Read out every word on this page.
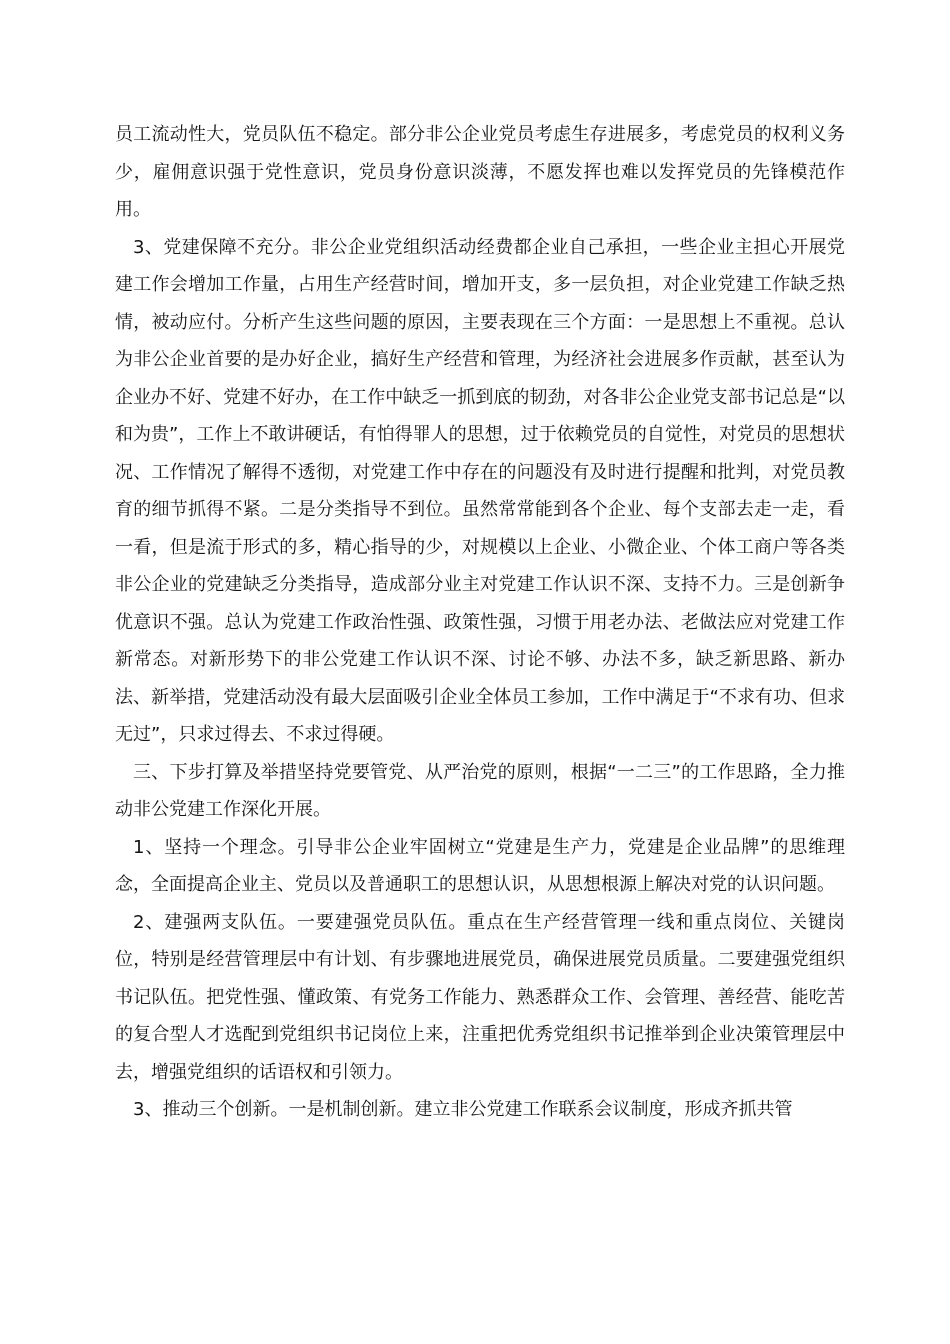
员工流动性大，党员队伍不稳定。部分非公企业党员考虑生存进展多，考虑党员的权利义务少，雇佣意识强于党性意识，党员身份意识淡薄，不愿发挥也难以发挥党员的先锋模范作用。

3、党建保障不充分。非公企业党组织活动经费都企业自己承担，一些企业主担心开展党建工作会增加工作量，占用生产经营时间，增加开支，多一层负担，对企业党建工作缺乏热情，被动应付。分析产生这些问题的原因，主要表现在三个方面：一是思想上不重视。总认为非公企业首要的是办好企业，搞好生产经营和管理，为经济社会进展多作贡献，甚至认为企业办不好、党建不好办，在工作中缺乏一抓到底的韧劲，对各非公企业党支部书记总是“以和为贵”，工作上不敢讲硬话，有怕得罪人的思想，过于依赖党员的自觉性，对党员的思想状况、工作情况了解得不透彻，对党建工作中存在的问题没有及时进行提醒和批判，对党员教育的细节抓得不紧。二是分类指导不到位。虽然常常能到各个企业、每个支部去走一走，看一看，但是流于形式的多，精心指导的少，对规模以上企业、小微企业、个体工商户等各类非公企业的党建缺乏分类指导，造成部分业主对党建工作认识不深、支持不力。三是创新争优意识不强。总认为党建工作政治性强、政策性强，习惯于用老办法、老做法应对党建工作新常态。对新形势下的非公党建工作认识不深、讨论不够、办法不多，缺乏新思路、新办法、新举措，党建活动没有最大层面吸引企业全体员工参加，工作中满足于“不求有功、但求无过”，只求过得去、不求过得硬。

三、下步打算及举措坚持党要管党、从严治党的原则，根据“一二三”的工作思路，全力推动非公党建工作深化开展。

1、坚持一个理念。引导非公企业牢固树立“党建是生产力，党建是企业品牌”的思维理念，全面提高企业主、党员以及普通职工的思想认识，从思想根源上解决对党的认识问题。

2、建强两支队伍。一要建强党员队伍。重点在生产经营管理一线和重点岗位、关键岗位，特别是经营管理层中有计划、有步骤地进展党员，确保进展党员质量。二要建强党组织书记队伍。把党性强、懂政策、有党务工作能力、熟悉群众工作、会管理、善经营、能吃苦的复合型人才选配到党组织书记岗位上来，注重把优秀党组织书记推举到企业决策管理层中去，增强党组织的话语权和引领力。

3、推动三个创新。一是机制创新。建立非公党建工作联系会议制度，形成齐抓共管
